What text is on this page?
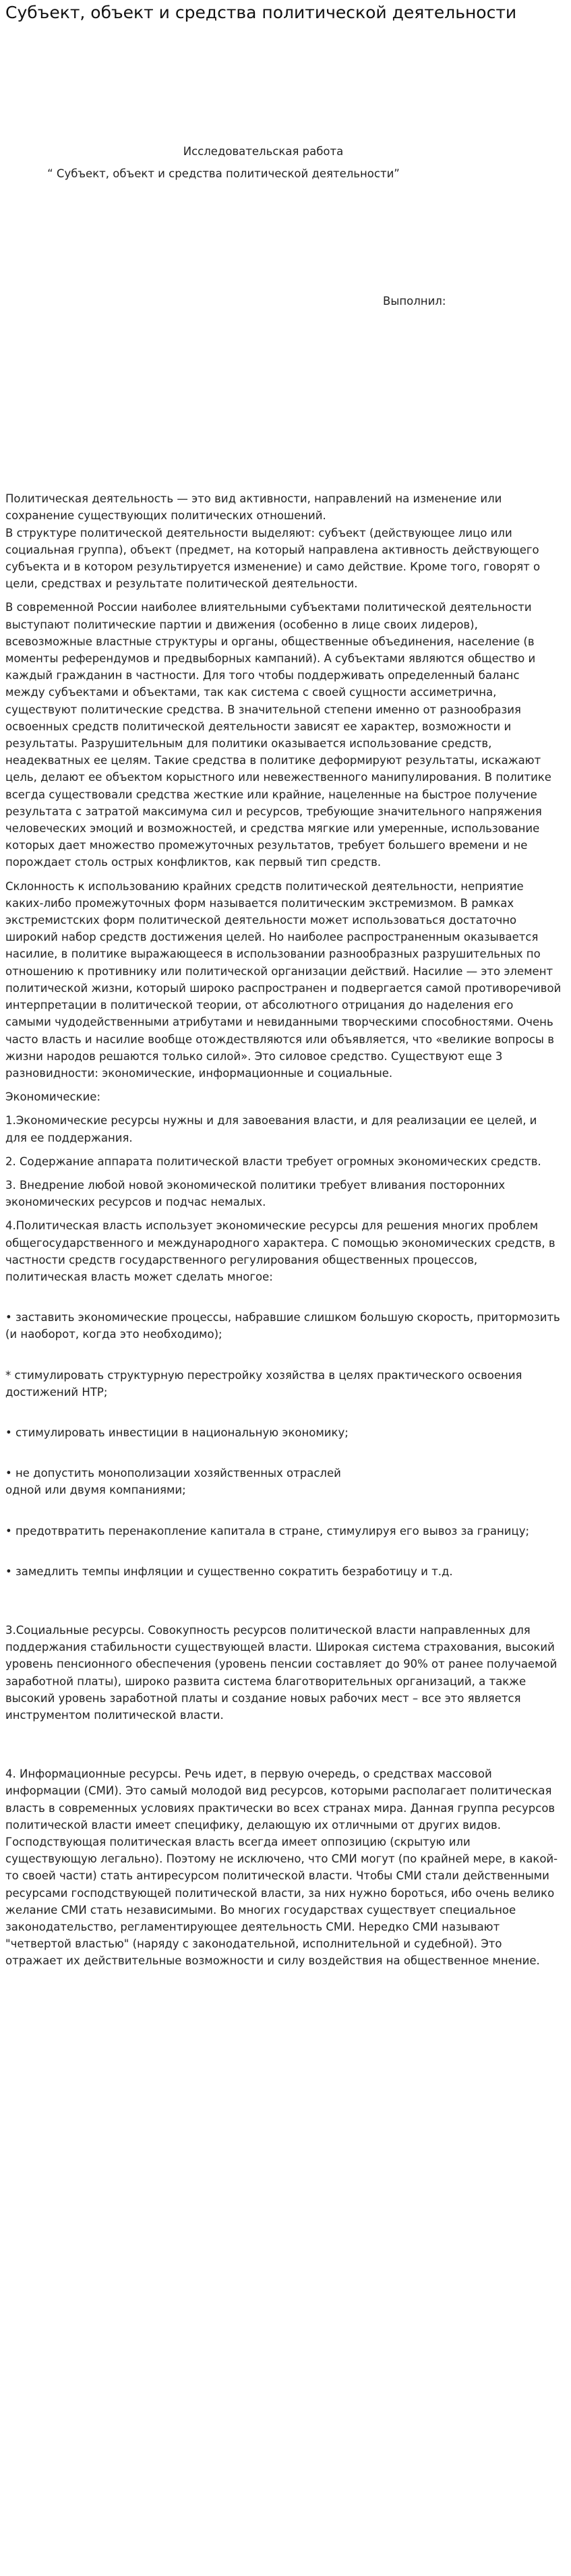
Субъект, объект и средства политической деятельности
Исследовательская работа
“ Субъект, объект и средства политической деятельности”
Выполнил:

Политическая деятельность — это вид активности, направлений на изменение или сохранение существующих политических отношений.
В структуре политической деятельности выделяют: субъект (действующее лицо или социальная группа), объект (предмет, на который направлена активность действующего субъекта и в котором результируется изменение) и само действие. Кроме того, говорят о цели, средствах и результате политической деятельности.

В современной России наиболее влиятельными субъектами политической деятельности выступают политические партии и движения (особенно в лице своих лидеров), всевозможные властные структуры и органы, общественные объединения, население (в моменты референдумов и предвыборных кампаний). А субъектами являются общество и каждый гражданин в частности. Для того чтобы поддерживать определенный баланс между субъектами и объектами, так как система с своей сущности ассиметрична, существуют политические средства. В значительной степени именно от разнообразия освоенных средств политической деятельности зависят ее характер, возможности и результаты. Разрушительным для политики оказывается использование средств, неадекватных ее целям. Такие средства в политике деформируют результаты, искажают цель, делают ее объектом корыстного или невежественного манипулирования. В политике всегда существовали средства жесткие или крайние, нацеленные на быстрое получение результата с затратой максимума сил и ресурсов, требующие значительного напряжения человеческих эмоций и возможностей, и средства мягкие или умеренные, использование которых дает множество промежуточных результатов, требует большего времени и не порождает столь острых конфликтов, как первый тип средств.

Склонность к использованию крайних средств политической деятельности, неприятие каких-либо промежуточных форм называется политическим экстремизмом. В рамках экстремистских форм политической деятельности может использоваться достаточно широкий набор средств достижения целей. Но наиболее распространенным оказывается насилие, в политике выражающееся в использовании разнообразных разрушительных по отношению к противнику или политической организации действий. Насилие — это элемент политической жизни, который широко распространен и подвергается самой противоречивой интерпретации в политической теории, от абсолютного отрицания до наделения его самыми чудодейственными атрибутами и невиданными творческими способностями. Очень часто власть и насилие вообще отождествляются или объявляется, что «великие вопросы в жизни народов решаются только силой». Это силовое средство. Существуют еще 3 разновидности: экономические, информационные и социальные.

Экономические:

1.Экономические ресурсы нужны и для завоевания власти, и для реализации ее целей, и для ее поддержания.

2. Содержание аппарата политической власти требует огромных экономических средств.

3. Внедрение любой новой экономической политики требует вливания посторонних экономических ресурсов и подчас немалых.

4.Политическая власть использует экономические ресурсы для решения многих проблем общегосударственного и международного характера. С помощью экономических средств, в частности средств государственного регулирования общественных процессов, политическая власть может сделать многое:

• заставить экономические процессы, набравшие слишком большую скорость, притормозить (и наоборот, когда это необходимо);

* стимулировать структурную перестройку хозяйства в целях практического освоения достижений НТР;

• стимулировать инвестиции в национальную экономику;

• не допустить монополизации хозяйственных отраслей
одной или двумя компаниями;

• предотвратить перенакопление капитала в стране, стимулируя его вывоз за границу;

• замедлить темпы инфляции и существенно сократить безработицу и т.д.

3.Социальные ресурсы. Совокупность ресурсов политической власти направленных для поддержания стабильности существующей власти. Широкая система страхования, высокий уровень пенсионного обеспечения (уровень пенсии составляет до 90% от ранее получаемой заработной платы), широко развита система благотворительных организаций, а также высокий уровень заработной платы и создание новых рабочих мест – все это является инструментом политической власти.

4. Информационные ресурсы. Речь идет, в первую очередь, о средствах массовой информации (СМИ). Это самый молодой вид ресурсов, которыми располагает политическая власть в современных условиях практически во всех странах мира. Данная группа ресурсов политической власти имеет специфику, делающую их отличными от других видов. Господствующая политическая власть всегда имеет оппозицию (скрытую или существующую легально). Поэтому не исключено, что СМИ могут (по крайней мере, в какой-то своей части) стать антиресурсом политической власти. Чтобы СМИ стали действенными ресурсами господствующей политической власти, за них нужно бороться, ибо очень велико желание СМИ стать независимыми. Во многих государствах существует специальное законодательство, регламентирующее деятельность СМИ. Нередко СМИ называют "четвертой властью" (наряду с законодательной, исполнительной и судебной). Это отражает их действительные возможности и силу воздействия на общественное мнение.
